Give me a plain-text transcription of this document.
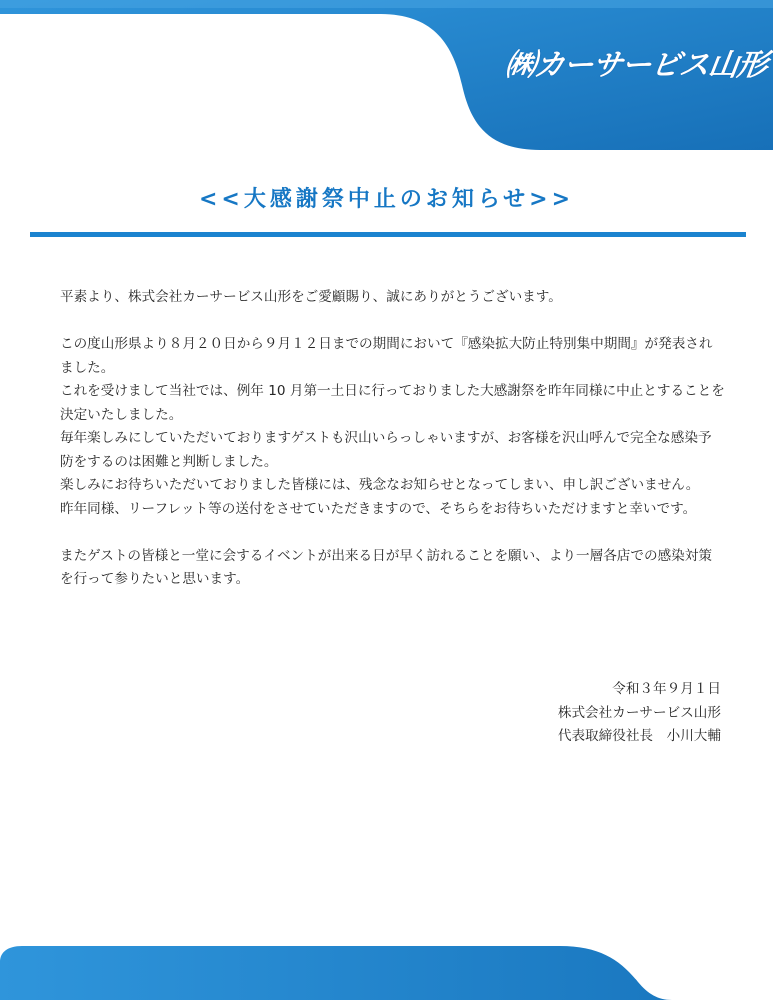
㈱カーサービス山形
<<大感謝祭中止のお知らせ>>

平素より、株式会社カーサービス山形をご愛顧賜り、誠にありがとうございます。

この度山形県より８月２０日から９月１２日までの期間において『感染拡大防止特別集中期間』が発表されました。

これを受けまして当社では、例年 10 月第一土日に行っておりました大感謝祭を昨年同様に中止とすることを決定いたしました。

毎年楽しみにしていただいておりますゲストも沢山いらっしゃいますが、お客様を沢山呼んで完全な感染予防をするのは困難と判断しました。

楽しみにお待ちいただいておりました皆様には、残念なお知らせとなってしまい、申し訳ございません。

昨年同様、リーフレット等の送付をさせていただきますので、そちらをお待ちいただけますと幸いです。

またゲストの皆様と一堂に会するイベントが出来る日が早く訪れることを願い、より一層各店での感染対策を行って参りたいと思います。

令和３年９月１日
株式会社カーサービス山形
代表取締役社長　小川大輔
